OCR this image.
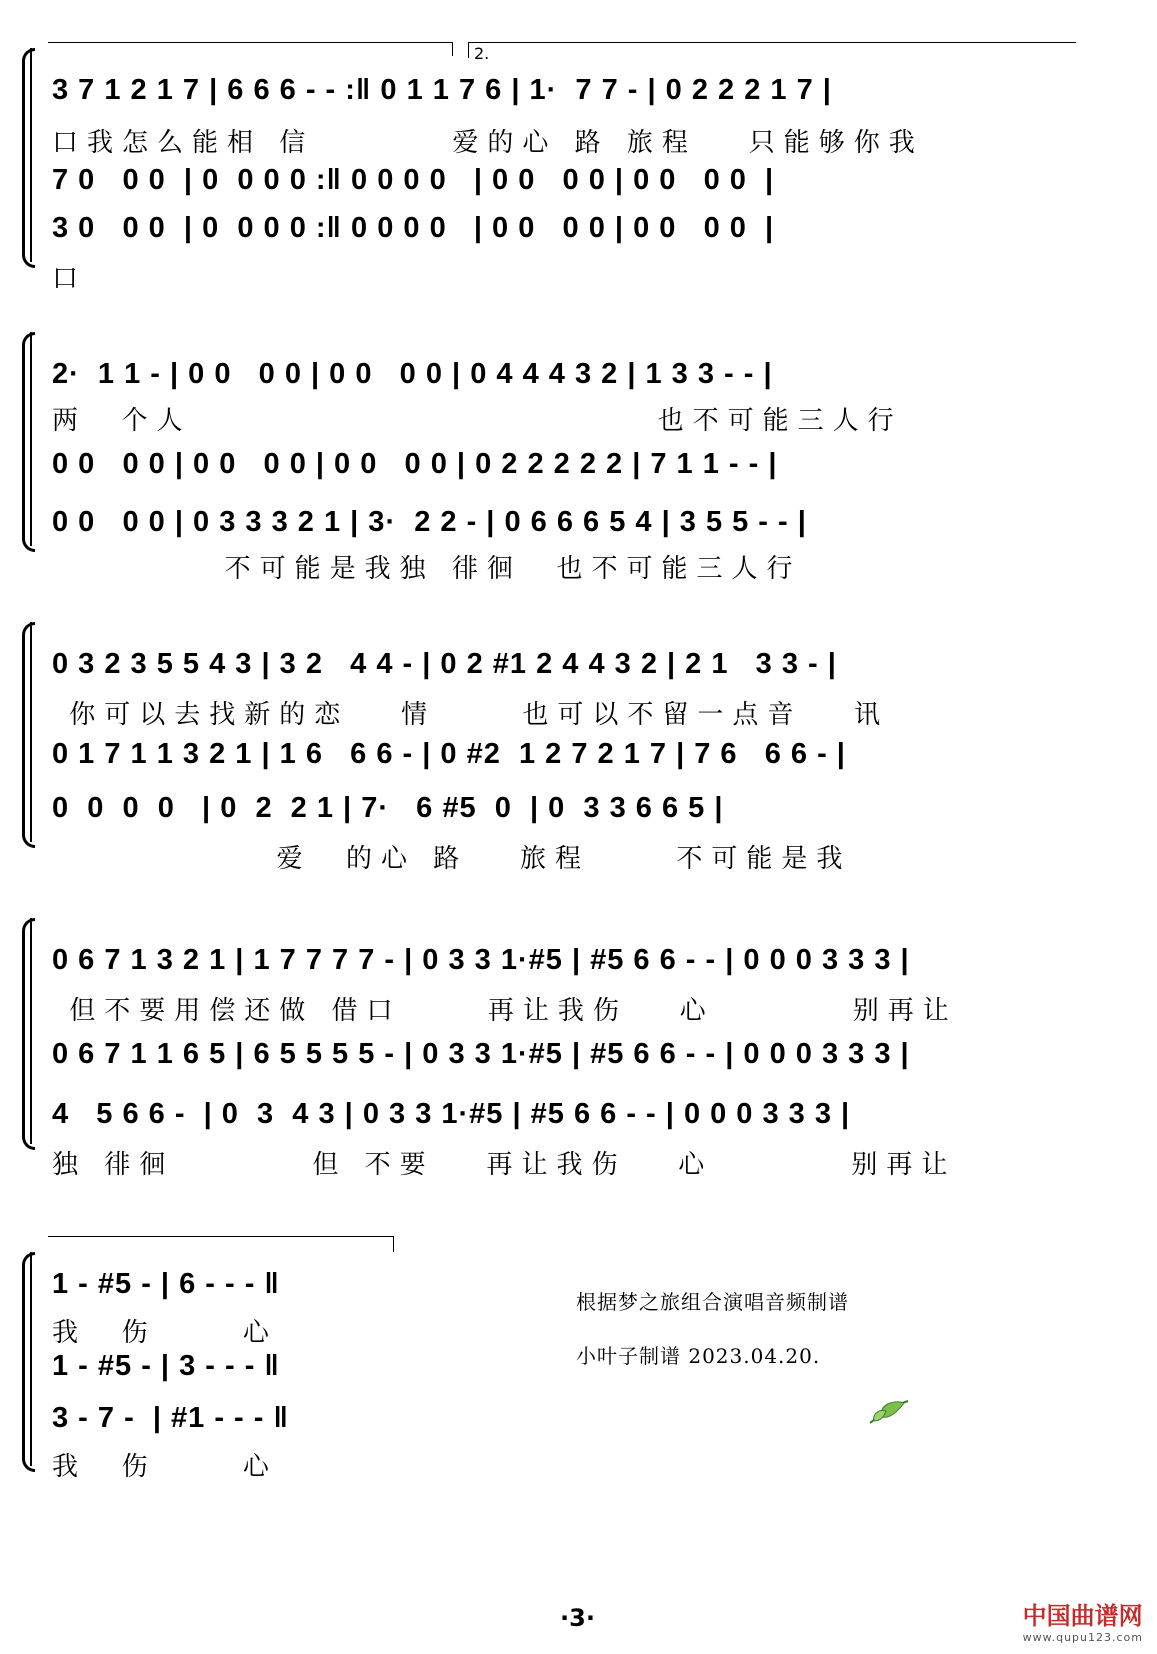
2.
3 7 1 2 1 7 | 6 6 6 - - :‖ 0 1 1 7 6 | 1·  7 7 - | 0 2 2 2 1 7 |
口我怎么能相 信        爱的心 路 旅程   只能够你我
7 0   0 0  | 0  0 0 0 :‖ 0 0 0 0   | 0 0   0 0 | 0 0   0 0  |
3 0   0 0  | 0  0 0 0 :‖ 0 0 0 0   | 0 0   0 0 | 0 0   0 0  |
口
2·  1 1 - | 0 0   0 0 | 0 0   0 0 | 0 4 4 4 3 2 | 1 3 3 - - |
两  个人                           也不可能三人行
0 0   0 0 | 0 0   0 0 | 0 0   0 0 | 0 2 2 2 2 2 | 7 1 1 - - |
0 0   0 0 | 0 3 3 3 2 1 | 3·  2 2 - | 0 6 6 6 5 4 | 3 5 5 - - |
不可能是我独 徘徊  也不可能三人行
0 3 2 3 5 5 4 3 | 3 2   4 4 - | 0 2 #1 2 4 4 3 2 | 2 1   3 3 - |
你可以去找新的恋   情     也可以不留一点音   讯
0 1 7 1 1 3 2 1 | 1 6   6 6 - | 0 #2  1 2 7 2 1 7 | 7 6   6 6 - |
0  0  0  0   | 0  2  2 1 | 7·   6 #5  0  | 0  3 3 6 6 5 |
爱  的心 路   旅程     不可能是我
0 6 7 1 3 2 1 | 1 7 7 7 7 - | 0 3 3 1·#5 | #5 6 6 - - | 0 0 0 3 3 3 |
但不要用偿还做 借口     再让我伤   心        别再让
0 6 7 1 1 6 5 | 6 5 5 5 5 - | 0 3 3 1·#5 | #5 6 6 - - | 0 0 0 3 3 3 |
4   5 6 6 -  | 0  3  4 3 | 0 3 3 1·#5 | #5 6 6 - - | 0 0 0 3 3 3 |
独 徘徊        但 不要   再让我伤   心        别再让
1 - #5 - | 6 - - - ‖
我  伤     心
1 - #5 - | 3 - - - ‖
3 - 7 -  | #1 - - - ‖
我  伤     心
根据梦之旅组合演唱音频制谱
小叶子制谱 2023.04.20.
·3·	中国曲谱网
www.qupu123.com
